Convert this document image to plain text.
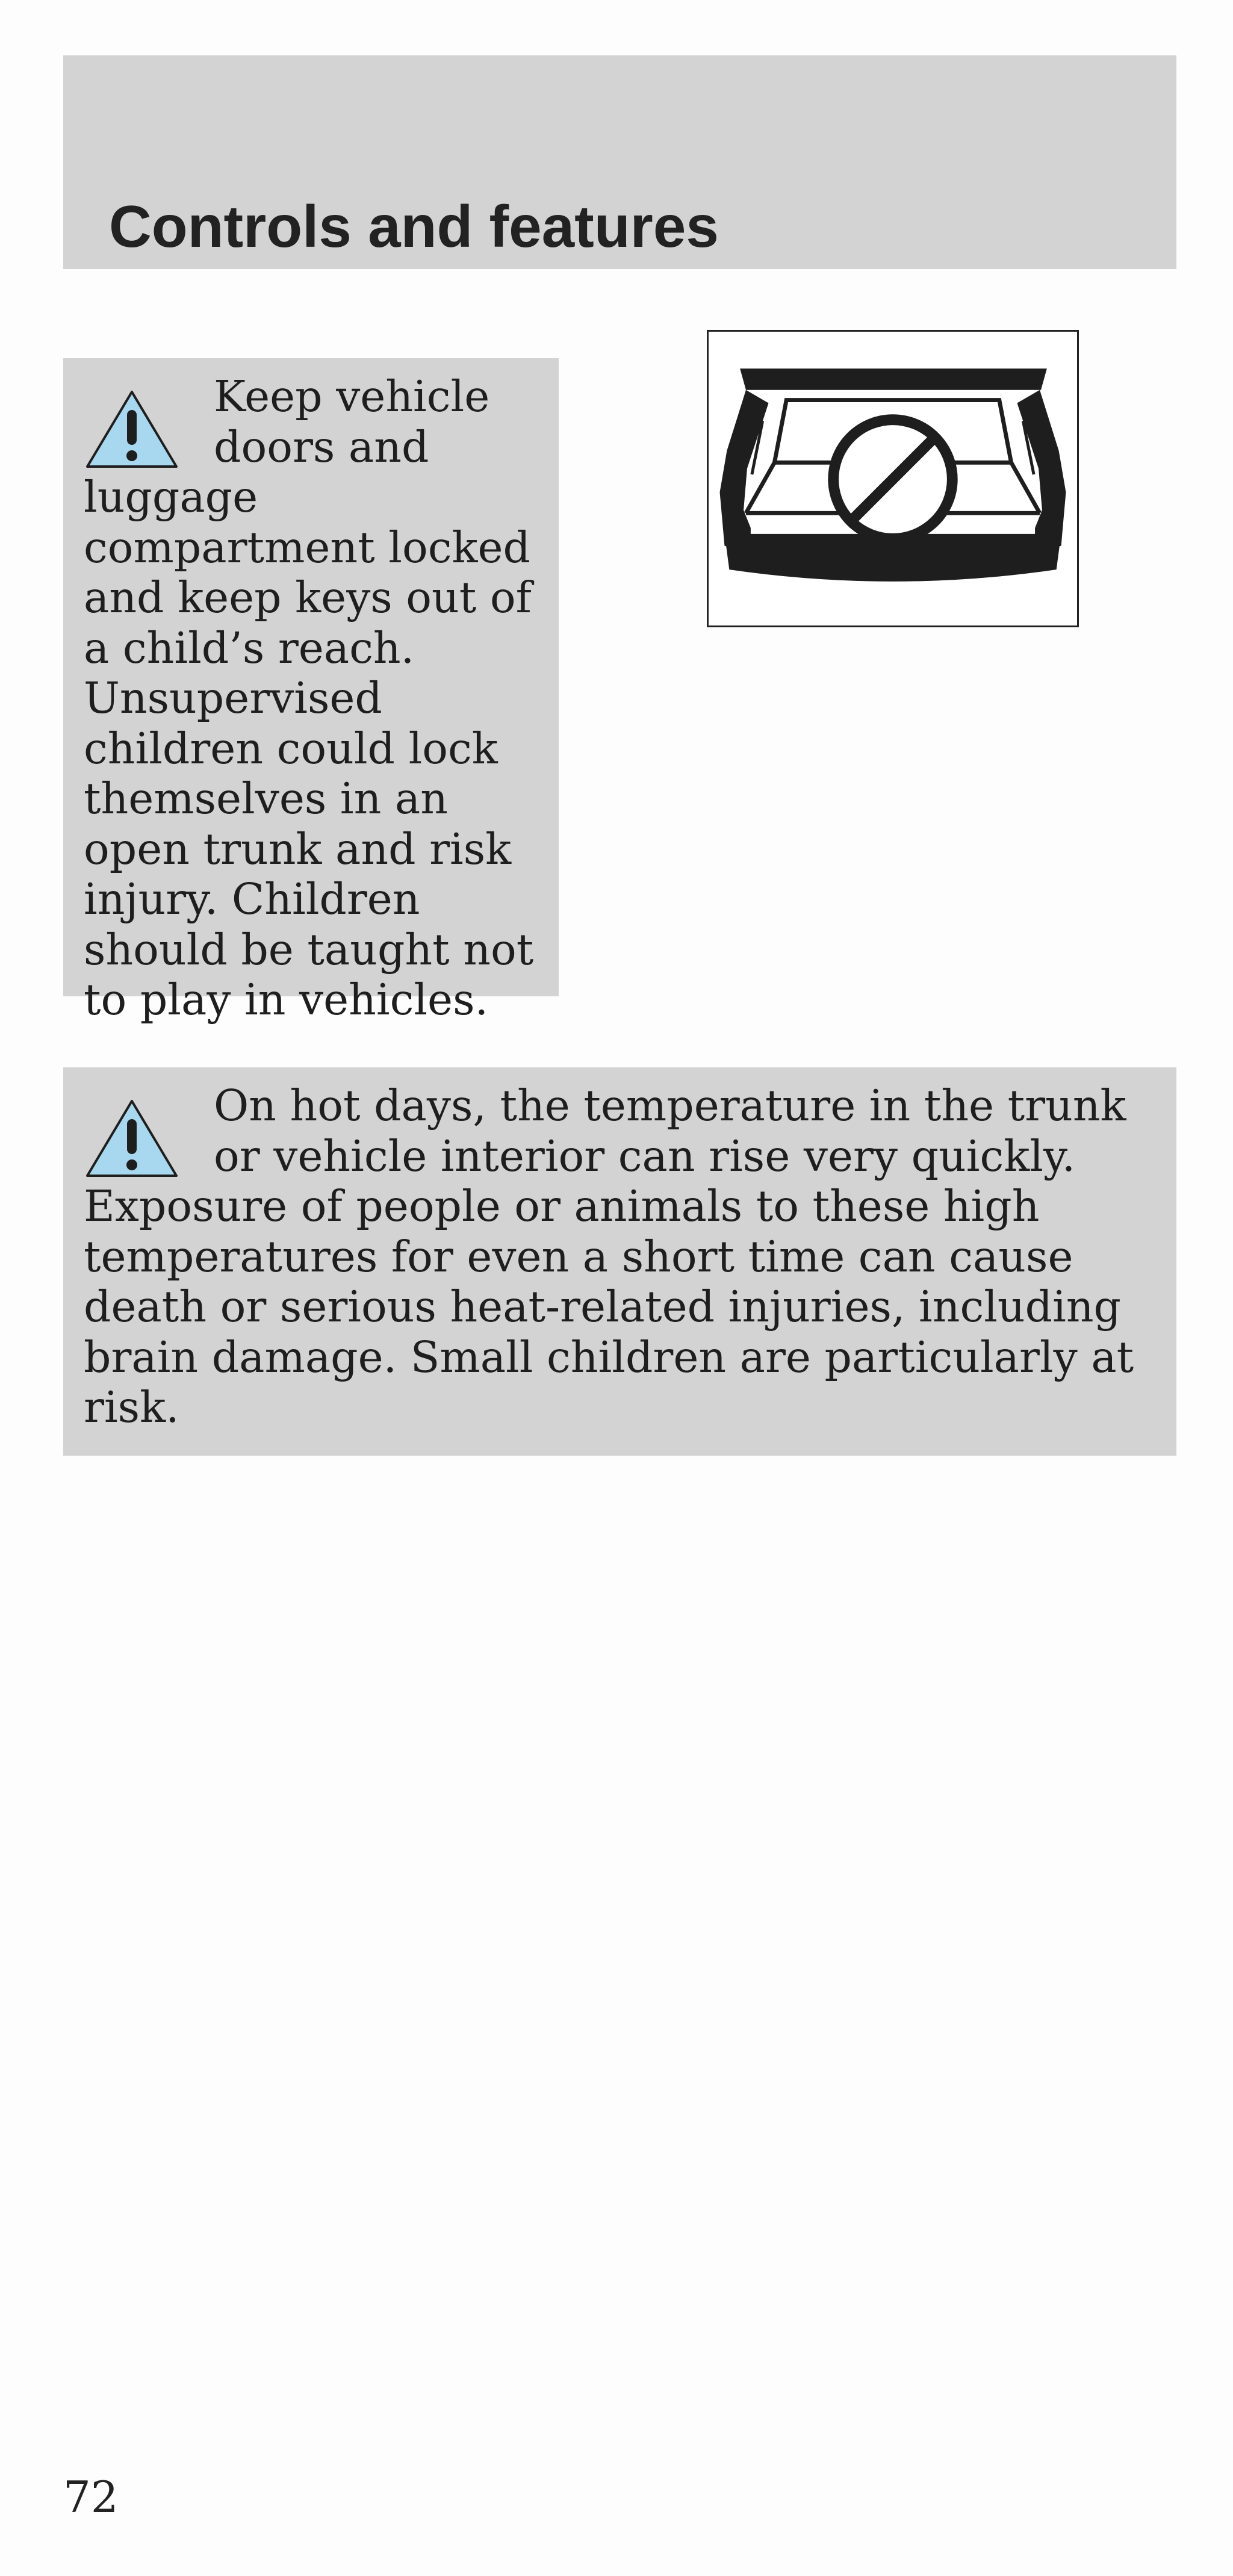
Controls and features

Keep vehicle doors and luggage compartment locked and keep keys out of a child’s reach. Unsupervised children could lock themselves in an open trunk and risk injury. Children should be taught not to play in vehicles.

On hot days, the temperature in the trunk or vehicle interior can rise very quickly. Exposure of people or animals to these high temperatures for even a short time can cause death or serious heat-related injuries, including brain damage. Small children are particularly at risk.

72
